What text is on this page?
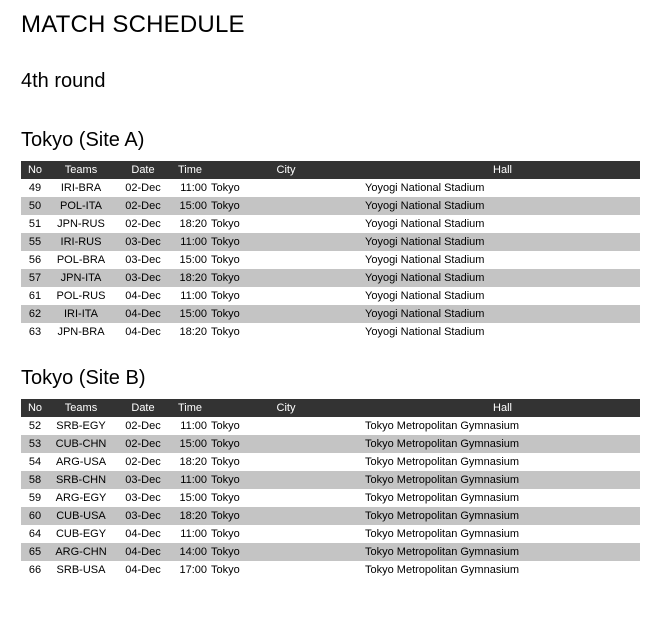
MATCH SCHEDULE
4th round
Tokyo (Site A)
No	Teams	Date	Time	City	Hall
49	IRI-BRA	02-Dec	11:00	Tokyo	Yoyogi National Stadium
50	POL-ITA	02-Dec	15:00	Tokyo	Yoyogi National Stadium
51	JPN-RUS	02-Dec	18:20	Tokyo	Yoyogi National Stadium
55	IRI-RUS	03-Dec	11:00	Tokyo	Yoyogi National Stadium
56	POL-BRA	03-Dec	15:00	Tokyo	Yoyogi National Stadium
57	JPN-ITA	03-Dec	18:20	Tokyo	Yoyogi National Stadium
61	POL-RUS	04-Dec	11:00	Tokyo	Yoyogi National Stadium
62	IRI-ITA	04-Dec	15:00	Tokyo	Yoyogi National Stadium
63	JPN-BRA	04-Dec	18:20	Tokyo	Yoyogi National Stadium
Tokyo (Site B)
No	Teams	Date	Time	City	Hall
52	SRB-EGY	02-Dec	11:00	Tokyo	Tokyo Metropolitan Gymnasium
53	CUB-CHN	02-Dec	15:00	Tokyo	Tokyo Metropolitan Gymnasium
54	ARG-USA	02-Dec	18:20	Tokyo	Tokyo Metropolitan Gymnasium
58	SRB-CHN	03-Dec	11:00	Tokyo	Tokyo Metropolitan Gymnasium
59	ARG-EGY	03-Dec	15:00	Tokyo	Tokyo Metropolitan Gymnasium
60	CUB-USA	03-Dec	18:20	Tokyo	Tokyo Metropolitan Gymnasium
64	CUB-EGY	04-Dec	11:00	Tokyo	Tokyo Metropolitan Gymnasium
65	ARG-CHN	04-Dec	14:00	Tokyo	Tokyo Metropolitan Gymnasium
66	SRB-USA	04-Dec	17:00	Tokyo	Tokyo Metropolitan Gymnasium
